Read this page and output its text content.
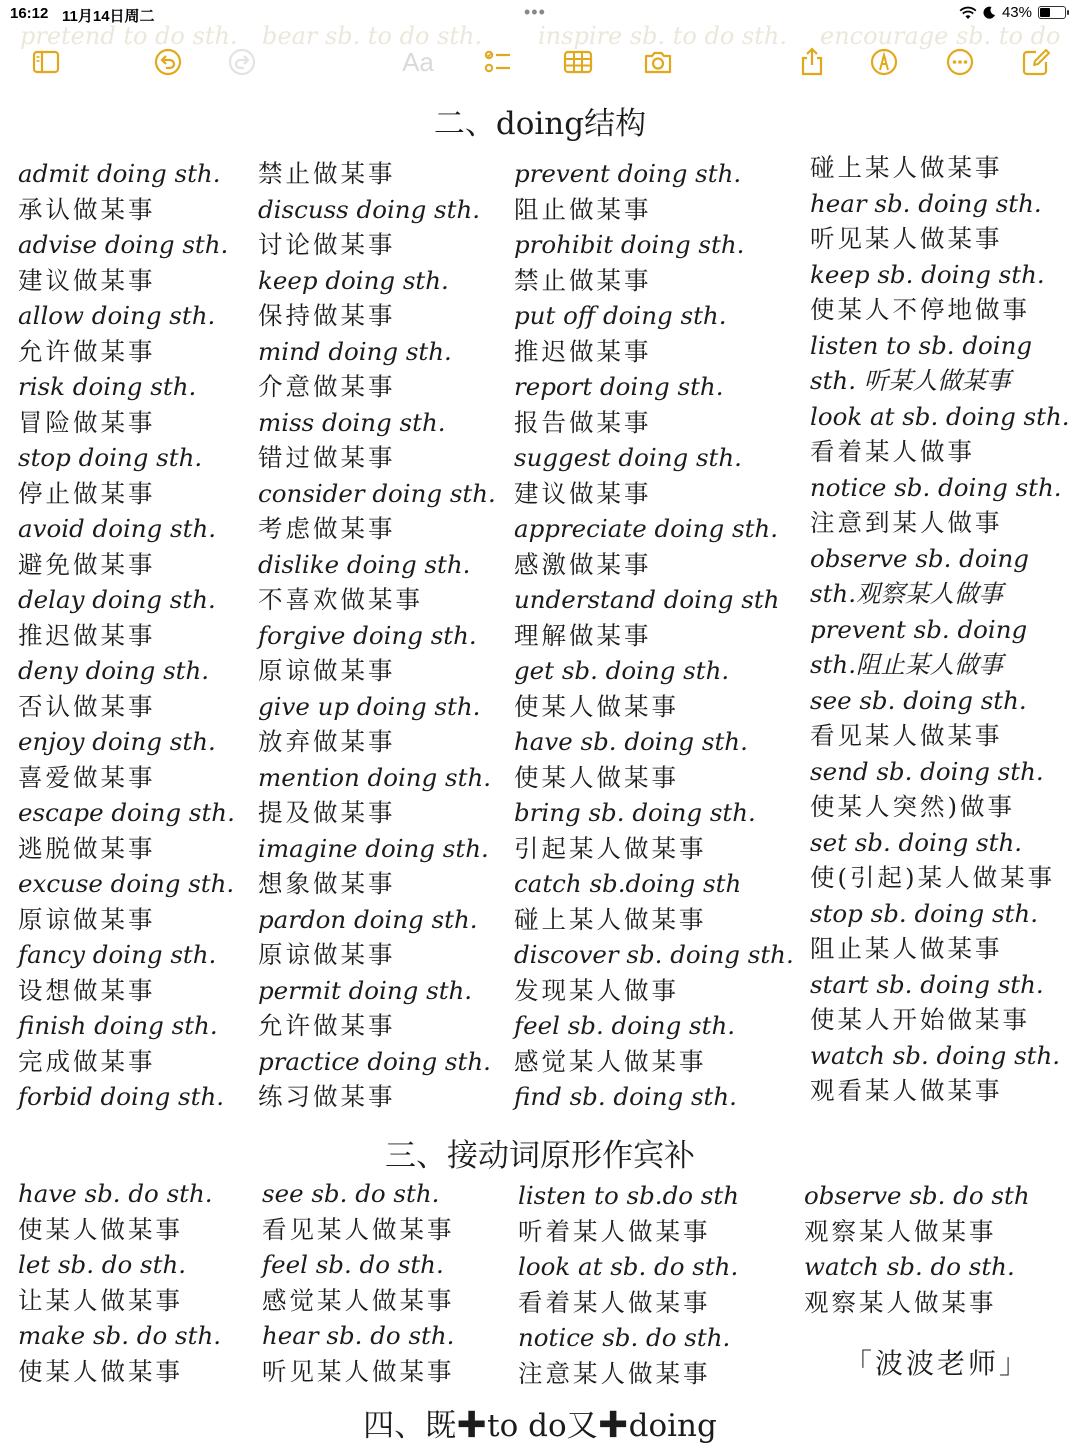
16:12 11月14日周二	•••	43%
pretend to do sth. bear sb. to do sth. inspire sb. to do sth. encourage sb. to do
Aa
二、doing结构
admit doing sth.
承认做某事
advise doing sth.
建议做某事
allow doing sth.
允许做某事
risk doing sth.
冒险做某事
stop doing sth.
停止做某事
avoid doing sth.
避免做某事
delay doing sth.
推迟做某事
deny doing sth.
否认做某事
enjoy doing sth.
喜爱做某事
escape doing sth.
逃脱做某事
excuse doing sth.
原谅做某事
fancy doing sth.
设想做某事
finish doing sth.
完成做某事
forbid doing sth.
禁止做某事
discuss doing sth.
讨论做某事
keep doing sth.
保持做某事
mind doing sth.
介意做某事
miss doing sth.
错过做某事
consider doing sth.
考虑做某事
dislike doing sth.
不喜欢做某事
forgive doing sth.
原谅做某事
give up doing sth.
放弃做某事
mention doing sth.
提及做某事
imagine doing sth.
想象做某事
pardon doing sth.
原谅做某事
permit doing sth.
允许做某事
practice doing sth.
练习做某事
prevent doing sth.
阻止做某事
prohibit doing sth.
禁止做某事
put off doing sth.
推迟做某事
report doing sth.
报告做某事
suggest doing sth.
建议做某事
appreciate doing sth.
感激做某事
understand doing sth
理解做某事
get sb. doing sth.
使某人做某事
have sb. doing sth.
使某人做某事
bring sb. doing sth.
引起某人做某事
catch sb.doing sth
碰上某人做某事
discover sb. doing sth.
发现某人做事
feel sb. doing sth.
感觉某人做某事
find sb. doing sth.
碰上某人做某事
hear sb. doing sth.
听见某人做某事
keep sb. doing sth.
使某人不停地做事
listen to sb. doing
sth. 听某人做某事
look at sb. doing sth.
看着某人做事
notice sb. doing sth.
注意到某人做事
observe sb. doing
sth.观察某人做事
prevent sb. doing
sth.阻止某人做事
see sb. doing sth.
看见某人做某事
send sb. doing sth.
使某人突然)做事
set sb. doing sth.
使(引起)某人做某事
stop sb. doing sth.
阻止某人做某事
start sb. doing sth.
使某人开始做某事
watch sb. doing sth.
观看某人做某事
三、接动词原形作宾补
have sb. do sth.
使某人做某事
let sb. do sth.
让某人做某事
make sb. do sth.
使某人做某事
see sb. do sth.
看见某人做某事
feel sb. do sth.
感觉某人做某事
hear sb. do sth.
听见某人做某事
listen to sb.do sth
听着某人做某事
look at sb. do sth.
看着某人做某事
notice sb. do sth.
注意某人做某事
observe sb. do sth
观察某人做某事
watch sb. do sth.
观察某人做某事
「波波老师」
四、既✚to do又✚doing
